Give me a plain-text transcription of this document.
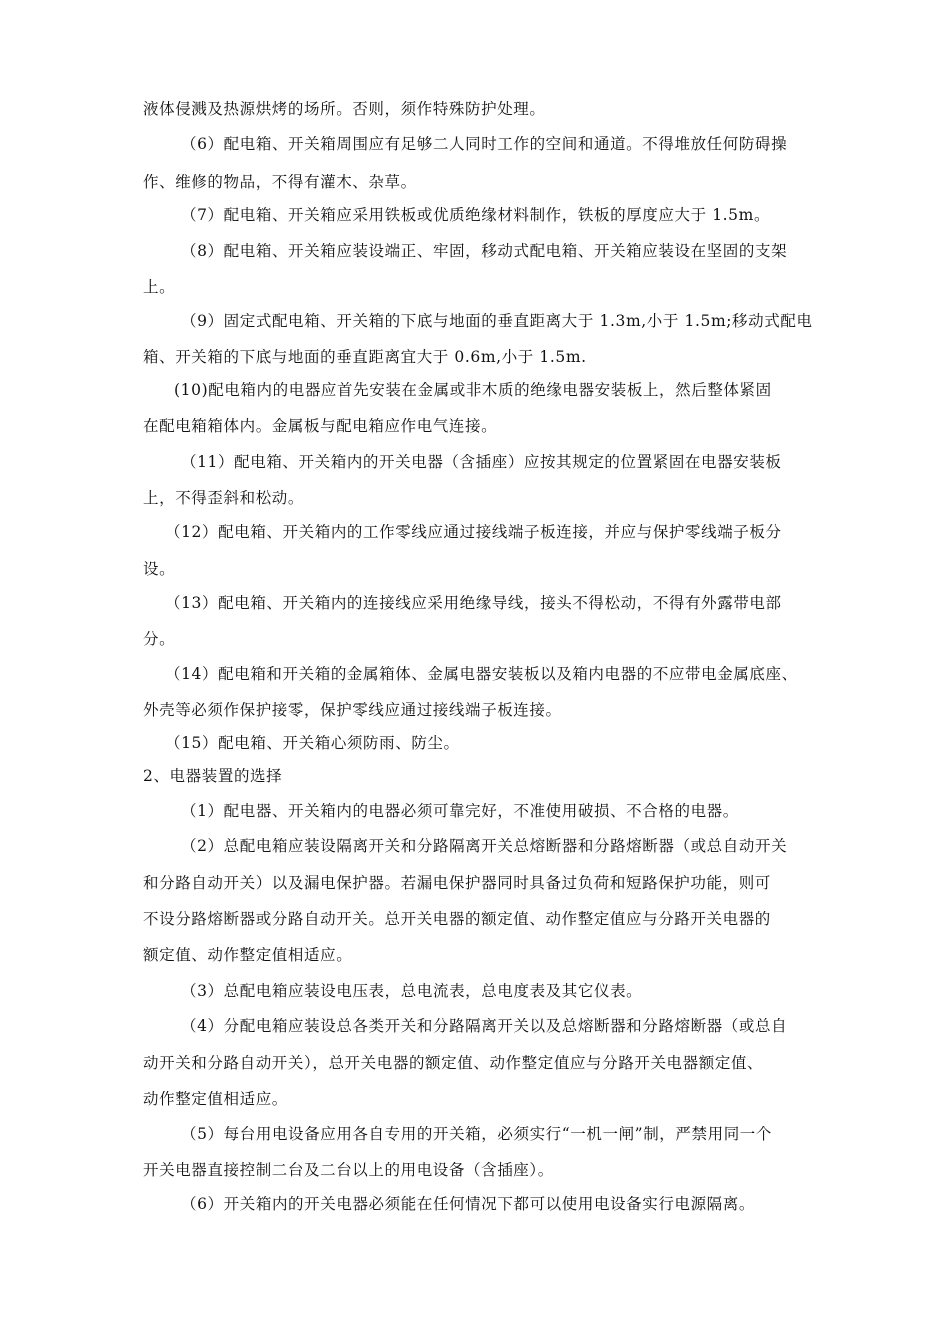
液体侵溅及热源烘烤的场所。否则，须作特殊防护处理。
（6）配电箱、开关箱周围应有足够二人同时工作的空间和通道。不得堆放任何防碍操
作、维修的物品，不得有灌木、杂草。
（7）配电箱、开关箱应采用铁板或优质绝缘材料制作，铁板的厚度应大于 1.5m。
（8）配电箱、开关箱应装设端正、牢固，移动式配电箱、开关箱应装设在坚固的支架
上。
（9）固定式配电箱、开关箱的下底与地面的垂直距离大于 1.3m,小于 1.5m;移动式配电
箱、开关箱的下底与地面的垂直距离宜大于 0.6m,小于 1.5m.
(10)配电箱内的电器应首先安装在金属或非木质的绝缘电器安装板上，然后整体紧固
在配电箱箱体内。金属板与配电箱应作电气连接。
（11）配电箱、开关箱内的开关电器（含插座）应按其规定的位置紧固在电器安装板
上，不得歪斜和松动。
（12）配电箱、开关箱内的工作零线应通过接线端子板连接，并应与保护零线端子板分
设。
（13）配电箱、开关箱内的连接线应采用绝缘导线，接头不得松动，不得有外露带电部
分。
（14）配电箱和开关箱的金属箱体、金属电器安装板以及箱内电器的不应带电金属底座、
外壳等必须作保护接零，保护零线应通过接线端子板连接。
（15）配电箱、开关箱心须防雨、防尘。
2、电器装置的选择
（1）配电器、开关箱内的电器必须可靠完好，不准使用破损、不合格的电器。
（2）总配电箱应装设隔离开关和分路隔离开关总熔断器和分路熔断器（或总自动开关
和分路自动开关）以及漏电保护器。若漏电保护器同时具备过负荷和短路保护功能，则可
不设分路熔断器或分路自动开关。总开关电器的额定值、动作整定值应与分路开关电器的
额定值、动作整定值相适应。
（3）总配电箱应装设电压表，总电流表，总电度表及其它仪表。
（4）分配电箱应装设总各类开关和分路隔离开关以及总熔断器和分路熔断器（或总自
动开关和分路自动开关），总开关电器的额定值、动作整定值应与分路开关电器额定值、
动作整定值相适应。
（5）每台用电设备应用各自专用的开关箱，必须实行“一机一闸”制，严禁用同一个
开关电器直接控制二台及二台以上的用电设备（含插座）。
（6）开关箱内的开关电器必须能在任何情况下都可以使用电设备实行电源隔离。
